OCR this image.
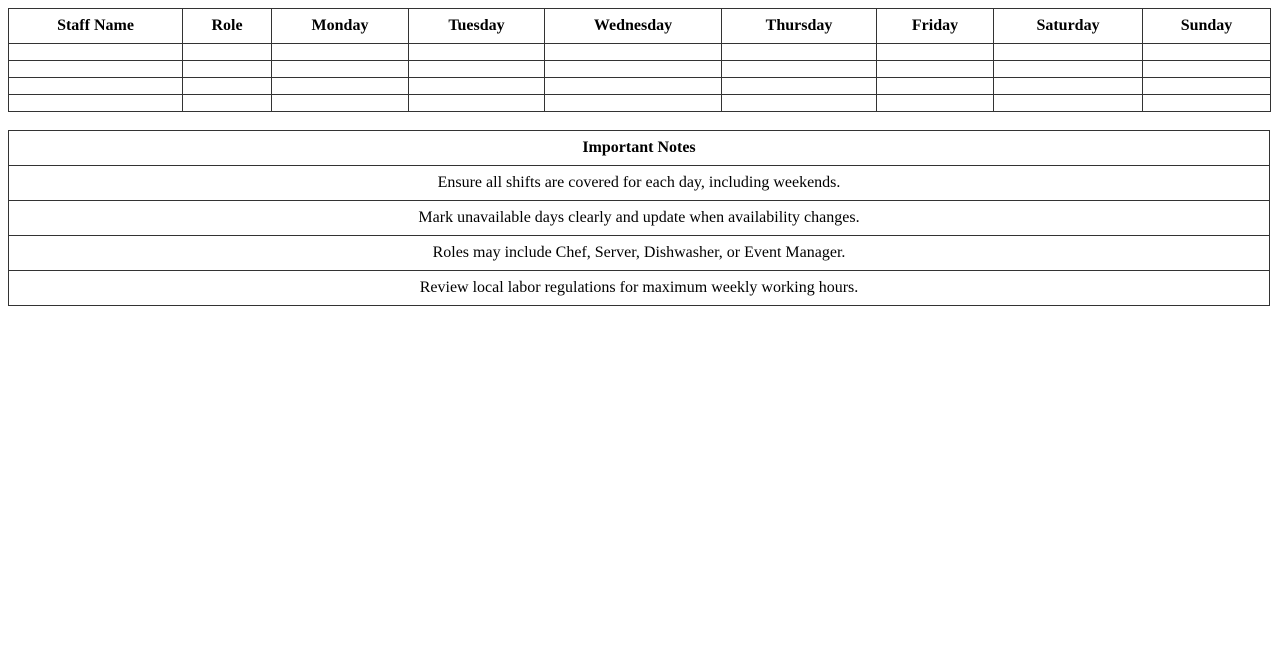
Staff Name	Role	Monday	Tuesday	Wednesday	Thursday	Friday	Saturday	Sunday

Important Notes
Ensure all shifts are covered for each day, including weekends.
Mark unavailable days clearly and update when availability changes.
Roles may include Chef, Server, Dishwasher, or Event Manager.
Review local labor regulations for maximum weekly working hours.
